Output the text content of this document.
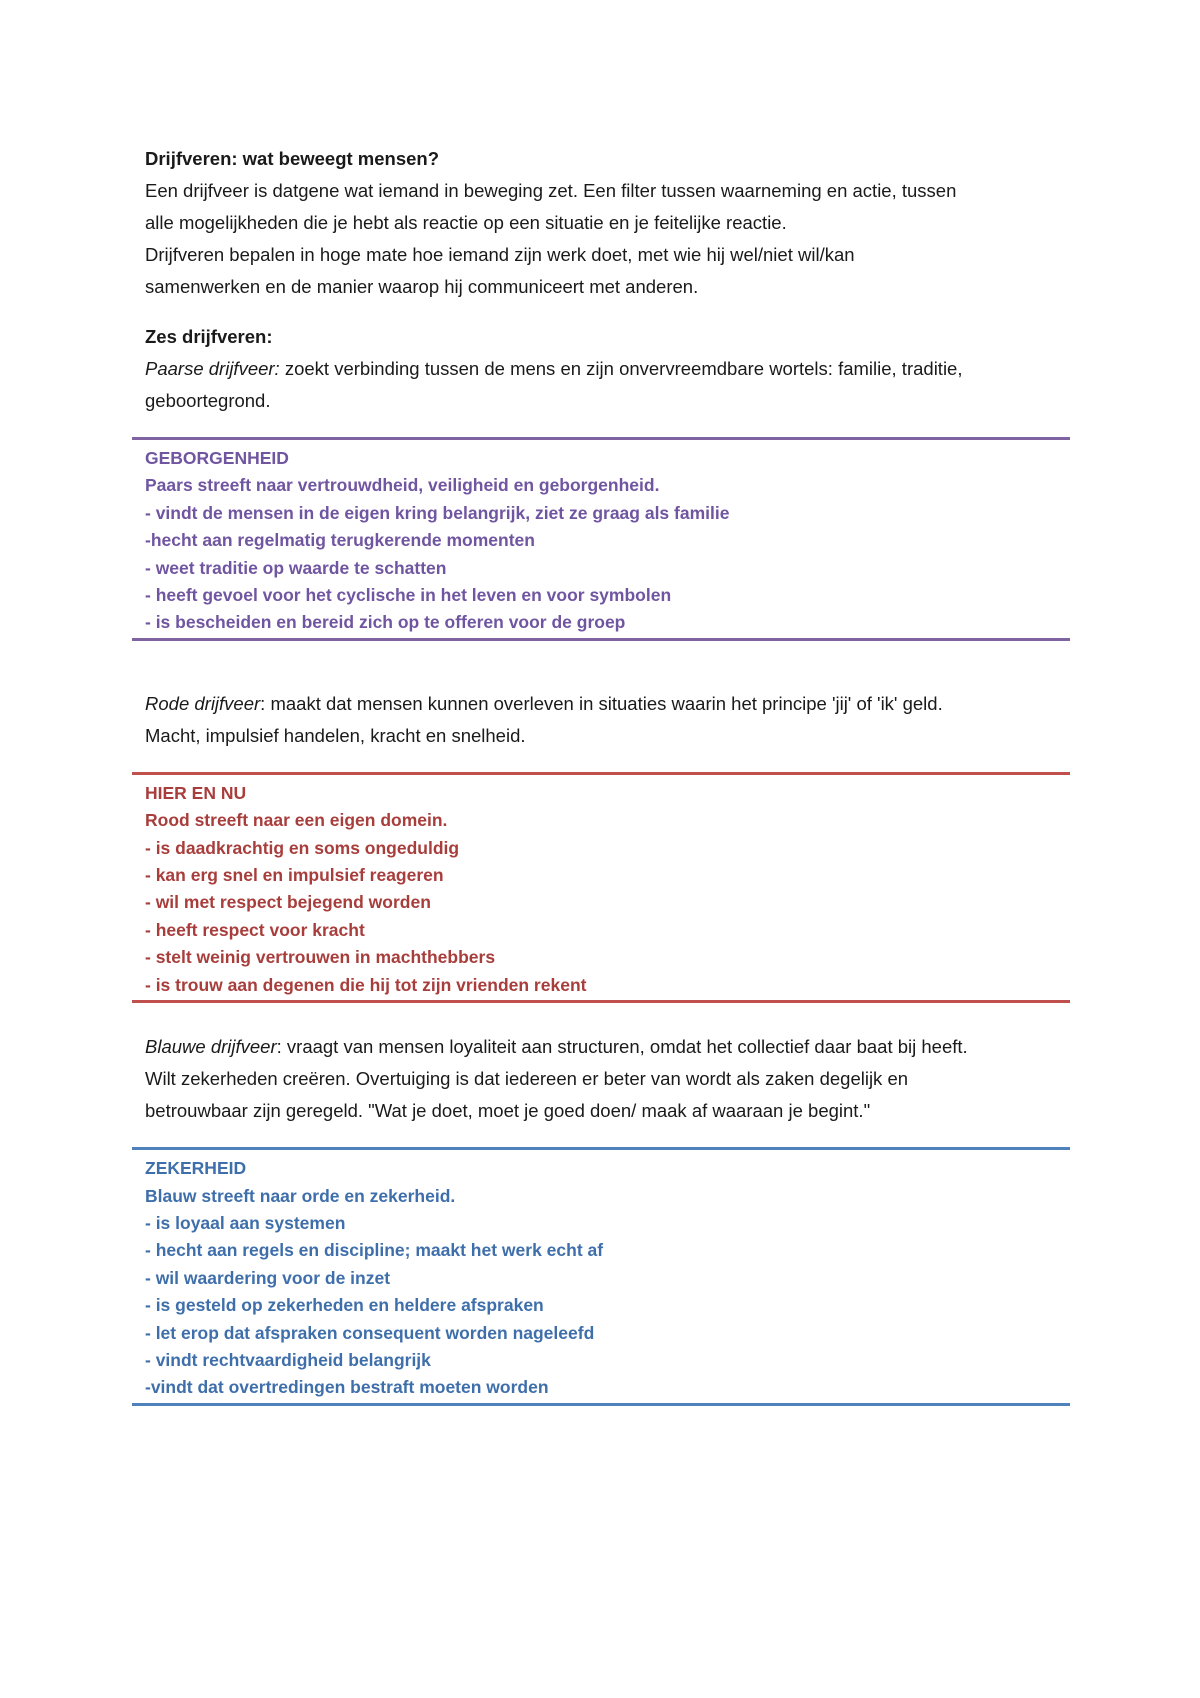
Drijfveren: wat beweegt mensen?

Een drijfveer is datgene wat iemand in beweging zet. Een filter tussen waarneming en actie, tussen

alle mogelijkheden die je hebt als reactie op een situatie en je feitelijke reactie.

Drijfveren bepalen in hoge mate hoe iemand zijn werk doet, met wie hij wel/niet wil/kan

samenwerken en de manier waarop hij communiceert met anderen.

Zes drijfveren:

Paarse drijfveer: zoekt verbinding tussen de mens en zijn onvervreemdbare wortels: familie, traditie,

geboortegrond.

GEBORGENHEID
Paars streeft naar vertrouwdheid, veiligheid en geborgenheid.
- vindt de mensen in de eigen kring belangrijk, ziet ze graag als familie
-hecht aan regelmatig terugkerende momenten
- weet traditie op waarde te schatten
- heeft gevoel voor het cyclische in het leven en voor symbolen
- is bescheiden en bereid zich op te offeren voor de groep

Rode drijfveer: maakt dat mensen kunnen overleven in situaties waarin het principe 'jij' of 'ik' geld.

Macht, impulsief handelen, kracht en snelheid.

HIER EN NU
Rood streeft naar een eigen domein.
- is daadkrachtig en soms ongeduldig
- kan erg snel en impulsief reageren
- wil met respect bejegend worden
- heeft respect voor kracht
- stelt weinig vertrouwen in machthebbers
- is trouw aan degenen die hij tot zijn vrienden rekent

Blauwe drijfveer: vraagt van mensen loyaliteit aan structuren, omdat het collectief daar baat bij heeft.

Wilt zekerheden creëren. Overtuiging is dat iedereen er beter van wordt als zaken degelijk en

betrouwbaar zijn geregeld. "Wat je doet, moet je goed doen/ maak af waaraan je begint."

ZEKERHEID
Blauw streeft naar orde en zekerheid.
- is loyaal aan systemen
- hecht aan regels en discipline; maakt het werk echt af
- wil waardering voor de inzet
- is gesteld op zekerheden en heldere afspraken
- let erop dat afspraken consequent worden nageleefd
- vindt rechtvaardigheid belangrijk
-vindt dat overtredingen bestraft moeten worden
